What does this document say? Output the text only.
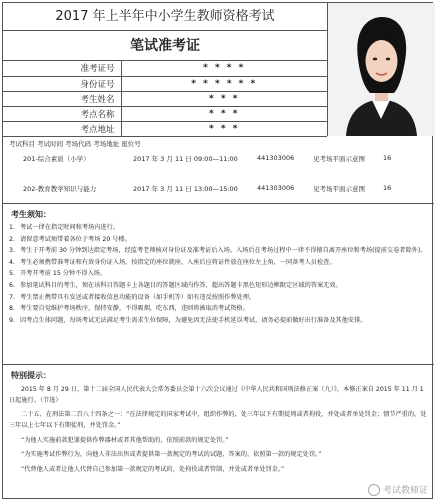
2017 年上半年中小学生教师资格考试
笔试准考证
准考证号	* * * *
身份证号	* * * * * *
考生姓名	* * *
考点名称	* * *
考点地址	* * *
考试科目 考试时间 考场代码 考场地址 座位号
201-综合素质（小学）	2017 年 3 月 11 日 09:00—11:00	441303006	见考场平面示意图	16
202-教育教学知识与能力	2017 年 3 月 11 日 13:00—15:00	441303006	见考场平面示意图	16
考生须知：
1. 考试一律在指定时间和考场内进行。
2. 请留意考试须带着各位于考场 20 号楼。
3. 考生于开考前 30 分钟到达指定考场，经监考老师核对身份证及准考证后入场。入场后在考场过程中一律不得擅自离开座位和考场(提前交卷者除外)。
4. 考生必须携带准考证和有效身份证入场，按指定的座位就座，入座后应将证件放在座位左上角，一同备考人员检查。
5. 开考开考前 15 分钟不得入场。
6. 参加笔试科目的考生，须在该科目答题卡上各题目的答题区域内作答，超出答题卡黑色矩形边框限定区域的答案无效。
7. 考生禁止携带具有发送或者接收信息功能的设备（如手机等）如有违反按照作弊处理。
8. 考生要自觉维护考场秩序，保持安静，不得吸烟，吃东西，违则将被取消考试资格。
9. 因考点生体问题，每场考试无法满足考生需求生位保障，为避免因无法使手机延误考试，请务必提前做好出行准备及其他安排。
特别提示：

2015 年 8 月 29 日，第十二届全国人民代表大会常务委员会第十六次会议通过《中华人民共和国刑法修正案（九）》，本修正案自 2015 年 11 月 1 日起施行。（节选）

二十五、在刑法第二百八十四条之一：“在法律规定的国家考试中，组织作弊的，处三年以下有期徒刑或者拘役，并处或者单处罚金；情节严重的，处三年以上七年以下有期徒刑，并处罚金。”

“为他人实施前款犯罪提供作弊器材或者其他帮助的，依照前款的规定处罚。”

“为实施考试作弊行为，向他人非法出售或者提供第一款规定的考试的试题、答案的，依照第一款的规定处罚。”

“代替他人或者让他人代替自己参加第一款规定的考试的，处拘役或者管制，并处或者单处罚金。”

考试教师证
